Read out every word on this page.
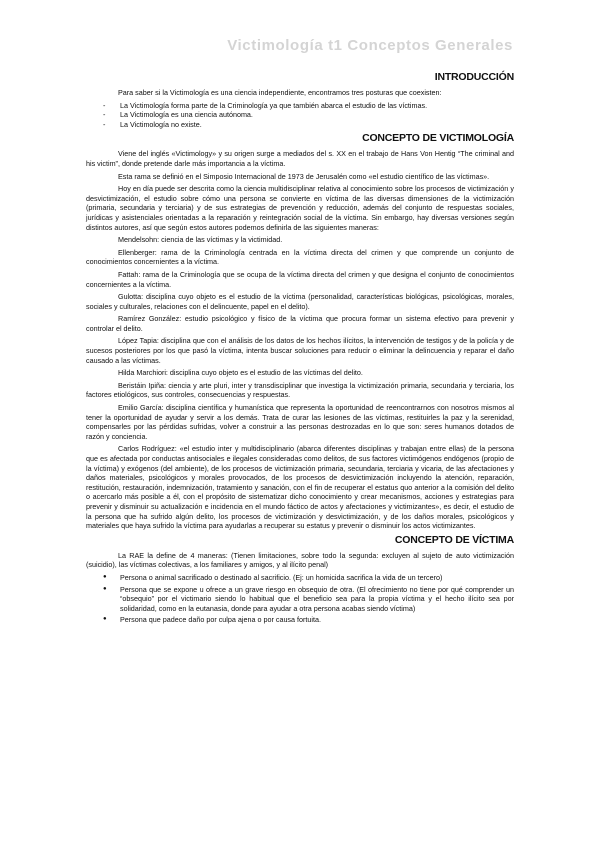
Victimología t1 Conceptos Generales
INTRODUCCIÓN

Para saber si la Victimología es una ciencia independiente, encontramos tres posturas que coexisten:

- La Victimología forma parte de la Criminología ya que también abarca el estudio de las víctimas.
- La Victimología es una ciencia autónoma.
- La Victimología no existe.
CONCEPTO DE VICTIMOLOGÍA

Viene del inglés «Victimology» y su origen surge a mediados del s. XX en el trabajo de Hans Von Hentig “The criminal and his victim”, donde pretende darle más importancia a la víctima.

Esta rama se definió en el Simposio Internacional de 1973 de Jerusalén como «el estudio científico de las víctimas».

Hoy en día puede ser descrita como la ciencia multidisciplinar relativa al conocimiento sobre los procesos de victimización y desvictimización, el estudio sobre cómo una persona se convierte en víctima de las diversas dimensiones de la victimización (primaria, secundaria y terciaria) y de sus estrategias de prevención y reducción, además del conjunto de respuestas sociales, jurídicas y asistenciales orientadas a la reparación y reintegración social de la víctima. Sin embargo, hay diversas versiones según distintos autores, así que según estos autores podemos definirla de las siguientes maneras:

Mendelsohn: ciencia de las víctimas y la victimidad.

Ellenberger: rama de la Criminología centrada en la víctima directa del crimen y que comprende un conjunto de conocimientos concernientes a la víctima.

Fattah: rama de la Criminología que se ocupa de la víctima directa del crimen y que designa el conjunto de conocimientos concernientes a la víctima.

Gulotta: disciplina cuyo objeto es el estudio de la víctima (personalidad, características biológicas, psicológicas, morales, sociales y culturales, relaciones con el delincuente, papel en el delito).

Ramírez González: estudio psicológico y físico de la víctima que procura formar un sistema efectivo para prevenir y controlar el delito.

López Tapia: disciplina que con el análisis de los datos de los hechos ilícitos, la intervención de testigos y de la policía y de sucesos posteriores por los que pasó la víctima, intenta buscar soluciones para reducir o eliminar la delincuencia y reparar el daño causado a las víctimas.

Hilda Marchiori: disciplina cuyo objeto es el estudio de las víctimas del delito.

Beristáin Ipiña: ciencia y arte pluri, inter y transdisciplinar que investiga la victimización primaria, secundaria y terciaria, los factores etiológicos, sus controles, consecuencias y respuestas.

Emilio García: disciplina científica y humanística que representa la oportunidad de reencontrarnos con nosotros mismos al tener la oportunidad de ayudar y servir a los demás. Trata de curar las lesiones de las víctimas, restituirles la paz y la serenidad, compensarles por las pérdidas sufridas, volver a construir a las personas destrozadas en lo que son: seres humanos dotados de razón y conciencia.

Carlos Rodríguez: «el estudio inter y multidisciplinario (abarca diferentes disciplinas y trabajan entre ellas) de la persona que es afectada por conductas antisociales e ilegales consideradas como delitos, de sus factores victimógenos endógenos (propio de la víctima) y exógenos (del ambiente), de los procesos de victimización primaria, secundaria, terciaria y vicaria, de las afectaciones y daños materiales, psicológicos y morales provocados, de los procesos de desvictimización incluyendo la atención, reparación, restitución, restauración, indemnización, tratamiento y sanación, con el fin de recuperar el estatus quo anterior a la comisión del delito o acercarlo más posible a él, con el propósito de sistematizar dicho conocimiento y crear mecanismos, acciones y estrategias para prevenir y disminuir su actualización e incidencia en el mundo fáctico de actos y afectaciones y victimizantes», es decir, el estudio de la persona que ha sufrido algún delito, los procesos de victimización y desvictimización, y de los daños morales, psicológicos y materiales que haya sufrido la víctima para ayudarlas a recuperar su estatus y prevenir o disminuir los actos victimizantes.

CONCEPTO DE VÍCTIMA

La RAE la define de 4 maneras: (Tienen limitaciones, sobre todo la segunda: excluyen al sujeto de auto victimización (suicidio), las víctimas colectivas, a los familiares y amigos, y al ilícito penal)

● Persona o animal sacrificado o destinado al sacrificio. (Ej: un homicida sacrifica la vida de un tercero)
● Persona que se expone u ofrece a un grave riesgo en obsequio de otra. (El ofrecimiento no tiene por qué comprender un “obsequio” por el victimario siendo lo habitual que el beneficio sea para la propia víctima y el hecho ilícito sea por solidaridad, como en la eutanasia, donde para ayudar a otra persona acabas siendo víctima)
● Persona que padece daño por culpa ajena o por causa fortuita.
